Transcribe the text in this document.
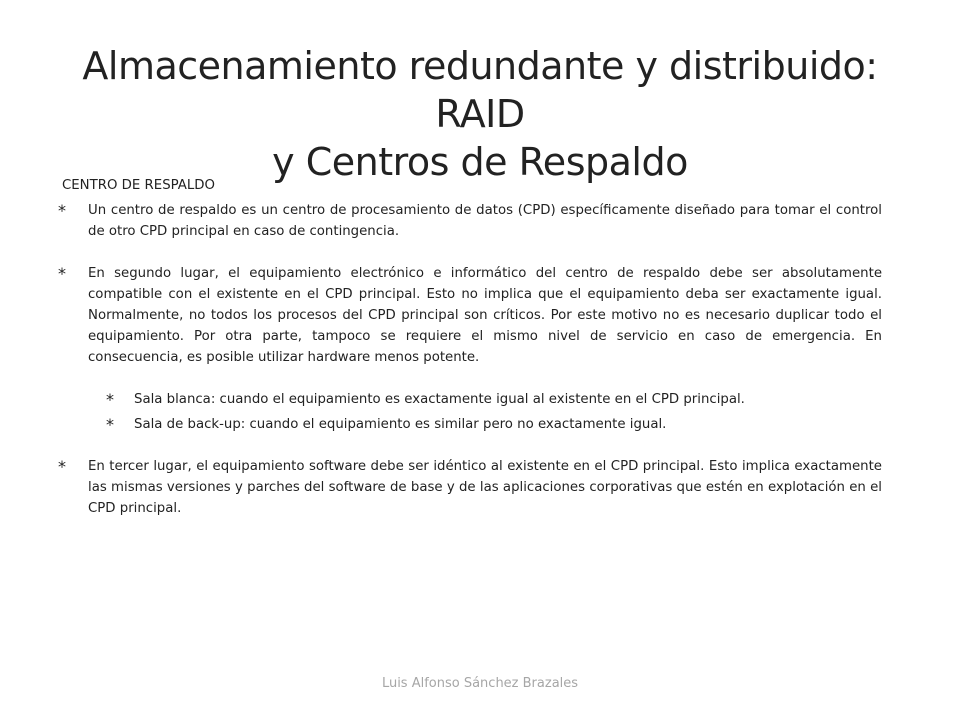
Almacenamiento redundante y distribuido: RAID
y Centros de Respaldo
CENTRO DE RESPALDO
* Un centro de respaldo es un centro de procesamiento de datos (CPD) específicamente diseñado para tomar el control de otro CPD principal en caso de contingencia.
* En segundo lugar, el equipamiento electrónico e informático del centro de respaldo debe ser absolutamente compatible con el existente en el CPD principal. Esto no implica que el equipamiento deba ser exactamente igual. Normalmente, no todos los procesos del CPD principal son críticos. Por este motivo no es necesario duplicar todo el equipamiento. Por otra parte, tampoco se requiere el mismo nivel de servicio en caso de emergencia. En consecuencia, es posible utilizar hardware menos potente.
* Sala blanca: cuando el equipamiento es exactamente igual al existente en el CPD principal.
* Sala de back-up: cuando el equipamiento es similar pero no exactamente igual.
* En tercer lugar, el equipamiento software debe ser idéntico al existente en el CPD principal. Esto implica exactamente las mismas versiones y parches del software de base y de las aplicaciones corporativas que estén en explotación en el CPD principal.
Luis Alfonso Sánchez Brazales
